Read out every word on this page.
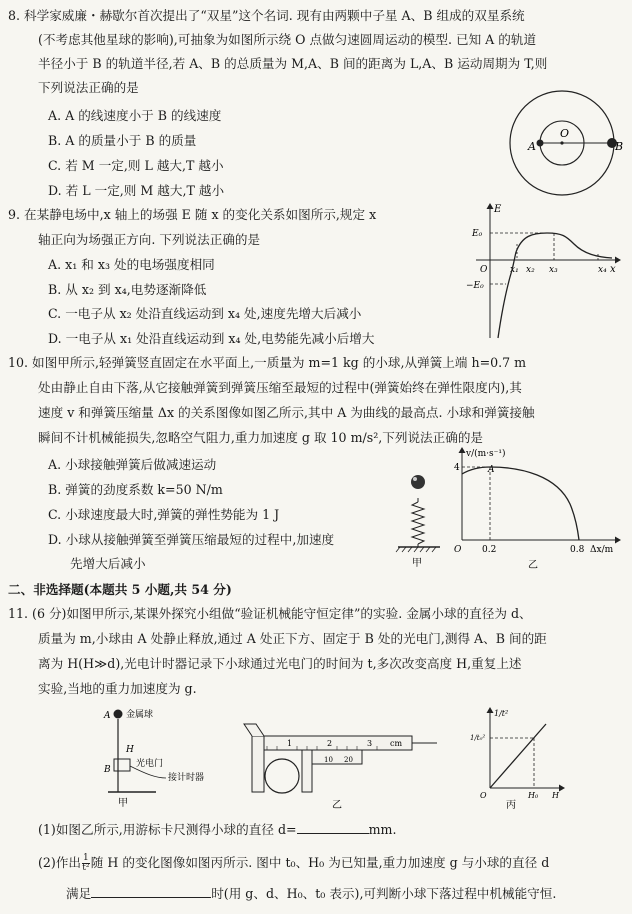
8. 科学家威廉・赫歇尔首次提出了“双星”这个名词. 现有由两颗中子星 A、B 组成的双星系统
(不考虑其他星球的影响),可抽象为如图所示绕 O 点做匀速圆周运动的模型. 已知 A 的轨道
半径小于 B 的轨道半径,若 A、B 的总质量为 M,A、B 间的距离为 L,A、B 运动周期为 T,则
下列说法正确的是
A. A 的线速度小于 B 的线速度
B. A 的质量小于 B 的质量
C. 若 M 一定,则 L 越大,T 越小
D. 若 L 一定,则 M 越大,T 越小
A
O
B
9. 在某静电场中,x 轴上的场强 E 随 x 的变化关系如图所示,规定 x
轴正向为场强正方向. 下列说法正确的是
A. x₁ 和 x₃ 处的电场强度相同
B. 从 x₂ 到 x₄,电势逐渐降低
C. 一电子从 x₂ 处沿直线运动到 x₄ 处,速度先增大后减小
D. 一电子从 x₁ 处沿直线运动到 x₄ 处,电势能先减小后增大
E
E₀
−E₀
O	x₁ x₂ x₃	x₄ x
10. 如图甲所示,轻弹簧竖直固定在水平面上,一质量为 m=1 kg 的小球,从弹簧上端 h=0.7 m
处由静止自由下落,从它接触弹簧到弹簧压缩至最短的过程中(弹簧始终在弹性限度内),其
速度 v 和弹簧压缩量 Δx 的关系图像如图乙所示,其中 A 为曲线的最高点. 小球和弹簧接触
瞬间不计机械能损失,忽略空气阻力,重力加速度 g 取 10 m/s²,下列说法正确的是
A. 小球接触弹簧后做减速运动
B. 弹簧的劲度系数 k=50 N/m
C. 小球速度最大时,弹簧的弹性势能为 1 J
D. 小球从接触弹簧至弹簧压缩最短的过程中,加速度
先增大后减小	甲
v/(m·s⁻¹)
4	A
O 0.2	0.8 Δx/m
乙
二、非选择题(本题共 5 小题,共 54 分)
11. (6 分)如图甲所示,某课外探究小组做“验证机械能守恒定律”的实验. 金属小球的直径为 d、
质量为 m,小球由 A 处静止释放,通过 A 处正下方、固定于 B 处的光电门,测得 A、B 间的距
离为 H(H≫d),光电计时器记录下小球通过光电门的时间为 t,多次改变高度 H,重复上述
实验,当地的重力加速度为 g.
A 金属球
H
B
光电门
接计时器
甲
1	2	3 cm
10 20
乙
1/t²
1/t₀²
O	H₀ H
丙
(1)如图乙所示,用游标卡尺测得小球的直径 d=	mm.
(2)作出 $\frac{1}{\text{t²}}$ 随 H 的变化图像如图丙所示. 图中 t₀、H₀ 为已知量,重力加速度 g 与小球的直径 d
满足	时(用 g、d、H₀、t₀ 表示),可判断小球下落过程中机械能守恒.
